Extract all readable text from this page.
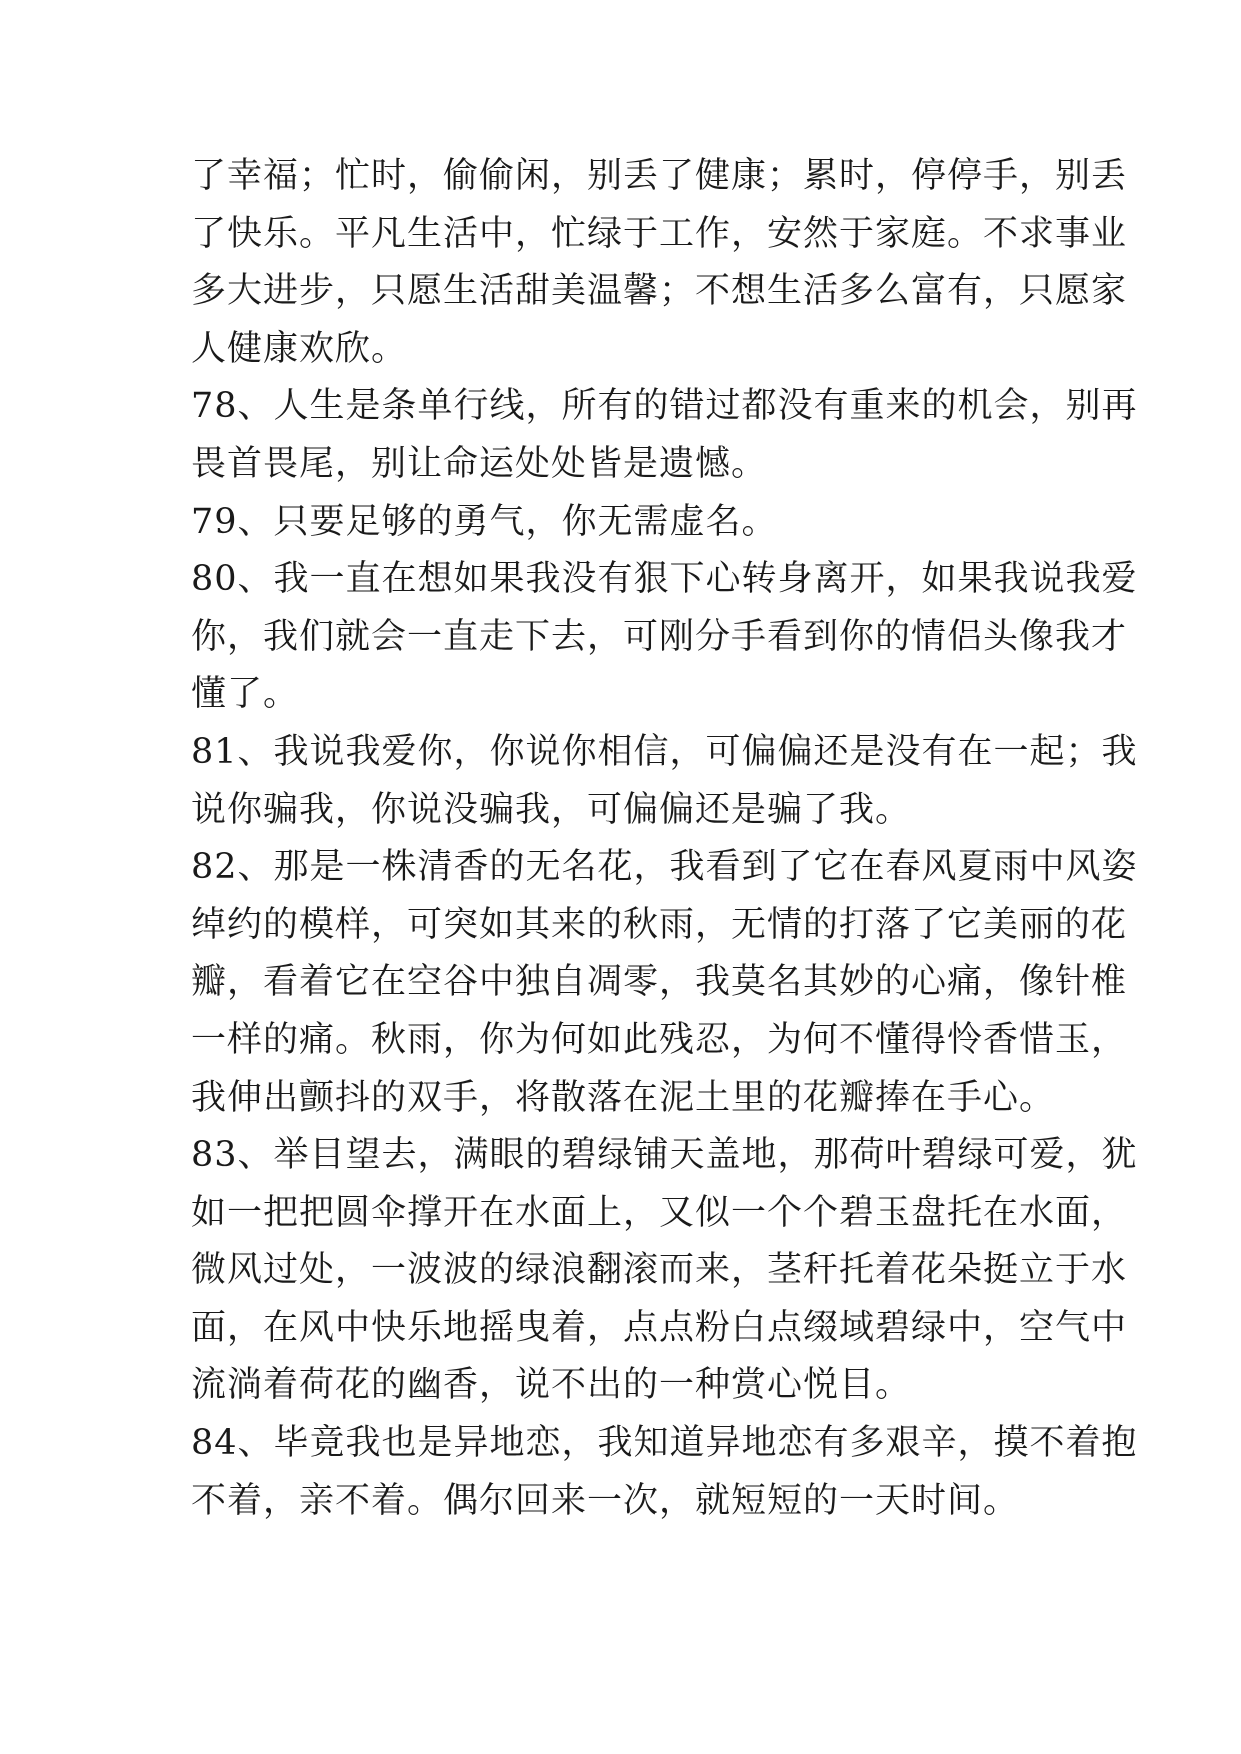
了幸福；忙时，偷偷闲，别丢了健康；累时，停停手，别丢
了快乐。平凡生活中，忙绿于工作，安然于家庭。不求事业
多大进步，只愿生活甜美温馨；不想生活多么富有，只愿家
人健康欢欣。
78、人生是条单行线，所有的错过都没有重来的机会，别再
畏首畏尾，别让命运处处皆是遗憾。
79、只要足够的勇气，你无需虚名。
80、我一直在想如果我没有狠下心转身离开，如果我说我爱
你，我们就会一直走下去，可刚分手看到你的情侣头像我才
懂了。
81、我说我爱你，你说你相信，可偏偏还是没有在一起；我
说你骗我，你说没骗我，可偏偏还是骗了我。
82、那是一株清香的无名花，我看到了它在春风夏雨中风姿
绰约的模样，可突如其来的秋雨，无情的打落了它美丽的花
瓣，看着它在空谷中独自凋零，我莫名其妙的心痛，像针椎
一样的痛。秋雨，你为何如此残忍，为何不懂得怜香惜玉，
我伸出颤抖的双手，将散落在泥土里的花瓣捧在手心。
83、举目望去，满眼的碧绿铺天盖地，那荷叶碧绿可爱，犹
如一把把圆伞撑开在水面上，又似一个个碧玉盘托在水面，
微风过处，一波波的绿浪翻滚而来，茎秆托着花朵挺立于水
面，在风中快乐地摇曳着，点点粉白点缀域碧绿中，空气中
流淌着荷花的幽香，说不出的一种赏心悦目。
84、毕竟我也是异地恋，我知道异地恋有多艰辛，摸不着抱
不着，亲不着。偶尔回来一次，就短短的一天时间。
